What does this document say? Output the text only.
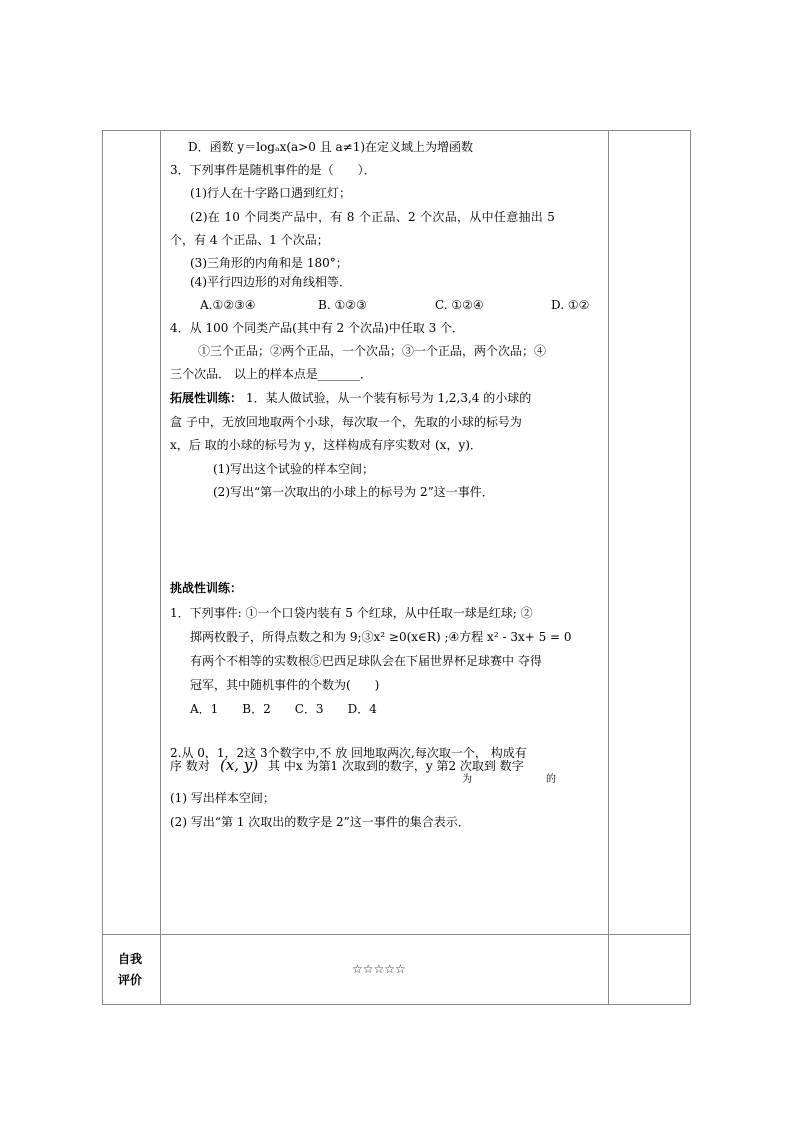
D．函数 y＝logₐx(a>0 且 a≠1)在定义域上为增函数
3．下列事件是随机事件的是（　　）．
(1)行人在十字路口遇到红灯；
(2)在 10 个同类产品中，有 8 个正品、2 个次品，从中任意抽出 5
个，有 4 个正品、1 个次品；
(3)三角形的内角和是 180°；
(4)平行四边形的对角线相等．
A.①②③④	B. ①②③	C. ①②④	D. ①②
4．从 100 个同类产品(其中有 2 个次品)中任取 3 个．
①三个正品；②两个正品，一个次品；③一个正品，两个次品；④
三个次品． 以上的样本点是_______．
拓展性训练： 1．某人做试验，从一个装有标号为 1,2,3,4 的小球的
盒 子中，无放回地取两个小球，每次取一个，先取的小球的标号为
x，后 取的小球的标号为 y，这样构成有序实数对 (x，y)．
(1)写出这个试验的样本空间；
(2)写出“第一次取出的小球上的标号为 2”这一事件．
挑战性训练：
1．下列事件: ①一个口袋内装有 5 个红球，从中任取一球是红球; ②
掷两枚骰子，所得点数之和为 9;③x² ≥0(x∈R) ;④方程 x² - 3x+ 5 = 0
有两个不相等的实数根⑤巴西足球队会在下届世界杯足球赛中 夺得
冠军，其中随机事件的个数为(　　)
A．1　　B．2　　C．3　　D．4
2.从 0，1，2这 3个数字中,不 放 回地取两次,每次取一个， 构成有
序 数对 (x, y) 其 中x 为第1 次取到的数字，y 第2 次取到 数字
为	的
(1) 写出样本空间；
(2) 写出“第 1 次取出的数字是 2”这一事件的集合表示．
自我
评价
☆☆☆☆☆
